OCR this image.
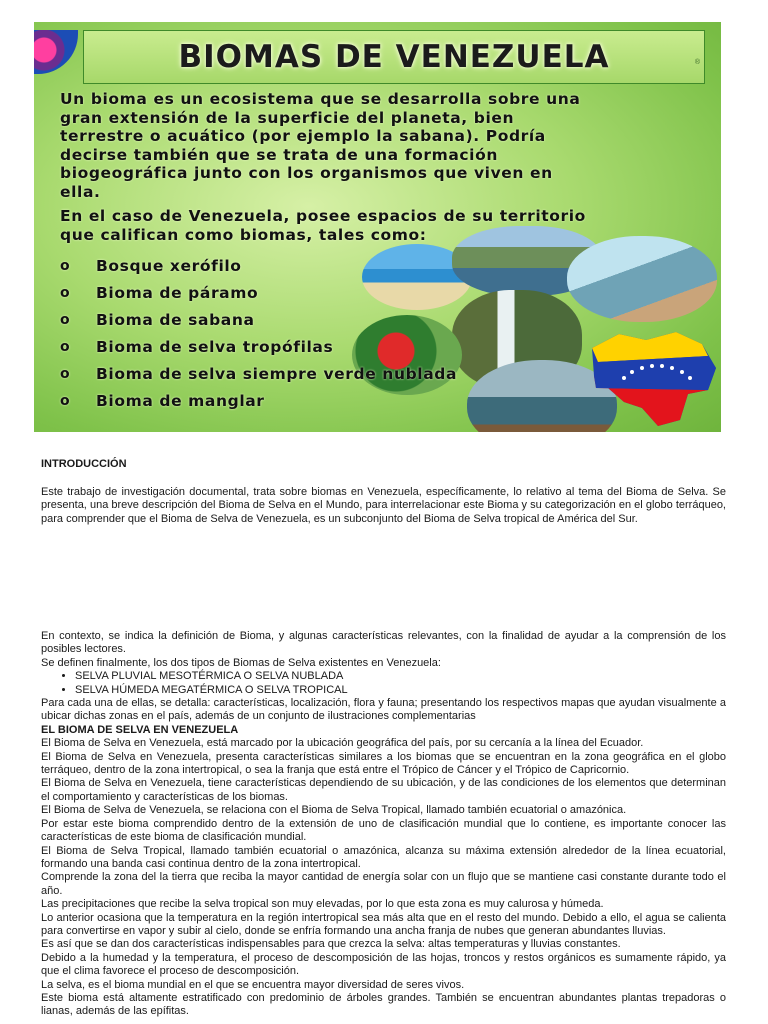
BIOMAS DE VENEZUELA	®

Un bioma es un ecosistema que se desarrolla sobre una
gran extensión de la superficie del planeta, bien
terrestre o acuático (por ejemplo la sabana). Podría
decirse también que se trata de una formación
biogeográfica junto con los organismos que viven en
ella.

En el caso de Venezuela, posee espacios de su territorio
que califican como biomas, tales como:

o	Bosque xerófilo
o	Bioma de páramo
o	Bioma de sabana
o	Bioma de selva tropófilas
o	Bioma de selva siempre verde nublada
o	Bioma de manglar

INTRODUCCIÓN

Este trabajo de investigación documental, trata sobre biomas en Venezuela, específicamente, lo relativo al tema del Bioma de Selva. Se presenta, una breve descripción del Bioma de Selva en el Mundo, para interrelacionar este Bioma y su categorización en el globo terráqueo, para comprender que el Bioma de Selva de Venezuela, es un subconjunto del Bioma de Selva tropical de América del Sur.

En contexto, se indica la definición de Bioma, y algunas características relevantes, con la finalidad de ayudar a la comprensión de los posibles lectores.
Se definen finalmente, los dos tipos de Biomas de Selva existentes en Venezuela:
• SELVA PLUVIAL MESOTÉRMICA O SELVA NUBLADA
• SELVA HÚMEDA MEGATÉRMICA O SELVA TROPICAL
Para cada una de ellas, se detalla: características, localización, flora y fauna; presentando los respectivos mapas que ayudan visualmente a ubicar dichas zonas en el país, además de un conjunto de ilustraciones complementarias
EL BIOMA DE SELVA EN VENEZUELA
El Bioma de Selva en Venezuela, está marcado por la ubicación geográfica del país, por su cercanía a la línea del Ecuador.
El Bioma de Selva en Venezuela, presenta características similares a los biomas que se encuentran en la zona geográfica en el globo terráqueo, dentro de la zona intertropical, o sea la franja que está entre el Trópico de Cáncer y el Trópico de Capricornio.
El Bioma de Selva en Venezuela, tiene características dependiendo de su ubicación, y de las condiciones de los elementos que determinan el comportamiento y características de los biomas.
El Bioma de Selva de Venezuela, se relaciona con el Bioma de Selva Tropical, llamado también ecuatorial o amazónica.
Por estar este bioma comprendido dentro de la extensión de uno de clasificación mundial que lo contiene, es importante conocer las características de este bioma de clasificación mundial.
El Bioma de Selva Tropical, llamado también ecuatorial o amazónica, alcanza su máxima extensión alrededor de la línea ecuatorial, formando una banda casi continua dentro de la zona intertropical.
Comprende la zona del la tierra que reciba la mayor cantidad de energía solar con un flujo que se mantiene casi constante durante todo el año.
Las precipitaciones que recibe la selva tropical son muy elevadas, por lo que esta zona es muy calurosa y húmeda.
Lo anterior ocasiona que la temperatura en la región intertropical sea más alta que en el resto del mundo. Debido a ello, el agua se calienta para convertirse en vapor y subir al cielo, donde se enfría formando una ancha franja de nubes que generan abundantes lluvias.
Es así que se dan dos características indispensables para que crezca la selva: altas temperaturas y lluvias constantes.
Debido a la humedad y la temperatura, el proceso de descomposición de las hojas, troncos y restos orgánicos es sumamente rápido, ya que el clima favorece el proceso de descomposición.
La selva, es el bioma mundial en el que se encuentra mayor diversidad de seres vivos.
Este bioma está altamente estratificado con predominio de árboles grandes. También se encuentran abundantes plantas trepadoras o lianas, además de las epífitas.
